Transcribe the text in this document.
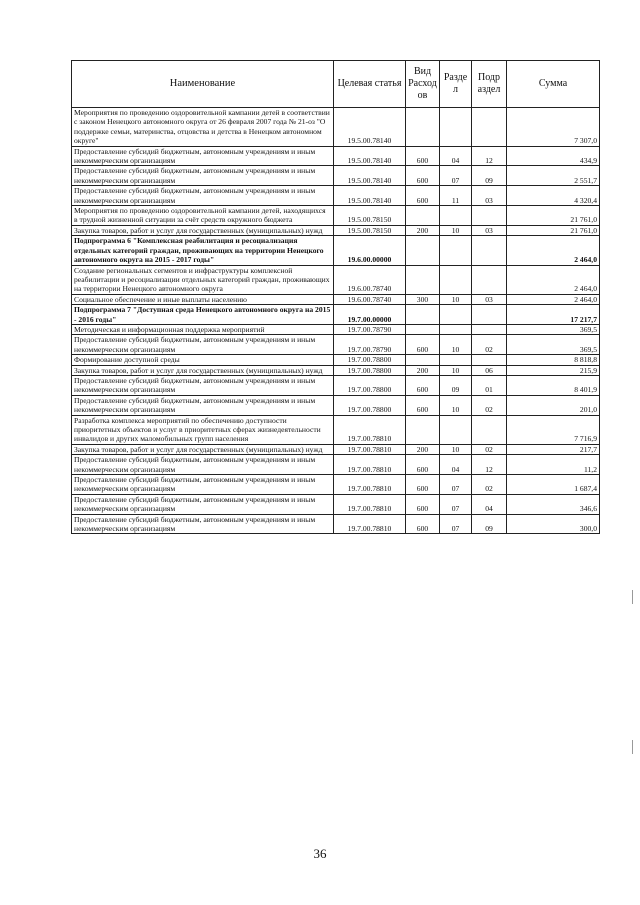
Наименование	Целевая статья	Вид Расход ов	Разде л	Подр аздел	Сумма
Мероприятия по проведению оздоровительной кампании детей в соответствии с законом Ненецкого автономного округа от 26 февраля 2007 года № 21-оз "О поддержке семьи, материнства, отцовства и детства в Ненецком автономном округе"	19.5.00.78140				7 307,0
Предоставление субсидий бюджетным, автономным учреждениям и иным некоммерческим организациям	19.5.00.78140	600	04	12	434,9
Предоставление субсидий бюджетным, автономным учреждениям и иным некоммерческим организациям	19.5.00.78140	600	07	09	2 551,7
Предоставление субсидий бюджетным, автономным учреждениям и иным некоммерческим организациям	19.5.00.78140	600	11	03	4 320,4
Мероприятия по проведению оздоровительной кампании детей, находящихся в трудной жизненной ситуации за счёт средств окружного бюджета	19.5.00.78150				21 761,0
Закупка товаров, работ и услуг для государственных (муниципальных) нужд	19.5.00.78150	200	10	03	21 761,0
Подпрограмма 6 "Комплексная реабилитация и ресоциализация отдельных категорий граждан, проживающих на территории Ненецкого автономного округа на 2015 - 2017 годы"	19.6.00.00000				2 464,0
Создание региональных сегментов и инфраструктуры комплексной реабилитации и ресоциализации отдельных категорий граждан, проживающих на территории Ненецкого автономного округа	19.6.00.78740				2 464,0
Социальное обеспечение и иные выплаты населению	19.6.00.78740	300	10	03	2 464,0
Подпрограмма 7 "Доступная среда Ненецкого автономного округа на 2015 - 2016 годы"	19.7.00.00000				17 217,7
Методическая и информационная поддержка мероприятий	19.7.00.78790				369,5
Предоставление субсидий бюджетным, автономным учреждениям и иным некоммерческим организациям	19.7.00.78790	600	10	02	369,5
Формирование доступной среды	19.7.00.78800				8 818,8
Закупка товаров, работ и услуг для государственных (муниципальных) нужд	19.7.00.78800	200	10	06	215,9
Предоставление субсидий бюджетным, автономным учреждениям и иным некоммерческим организациям	19.7.00.78800	600	09	01	8 401,9
Предоставление субсидий бюджетным, автономным учреждениям и иным некоммерческим организациям	19.7.00.78800	600	10	02	201,0
Разработка комплекса мероприятий по обеспечению доступности приоритетных объектов и услуг в приоритетных сферах жизнедеятельности инвалидов и других маломобильных групп населения	19.7.00.78810				7 716,9
Закупка товаров, работ и услуг для государственных (муниципальных) нужд	19.7.00.78810	200	10	02	217,7
Предоставление субсидий бюджетным, автономным учреждениям и иным некоммерческим организациям	19.7.00.78810	600	04	12	11,2
Предоставление субсидий бюджетным, автономным учреждениям и иным некоммерческим организациям	19.7.00.78810	600	07	02	1 687,4
Предоставление субсидий бюджетным, автономным учреждениям и иным некоммерческим организациям	19.7.00.78810	600	07	04	346,6
Предоставление субсидий бюджетным, автономным учреждениям и иным некоммерческим организациям	19.7.00.78810	600	07	09	300,0
36
